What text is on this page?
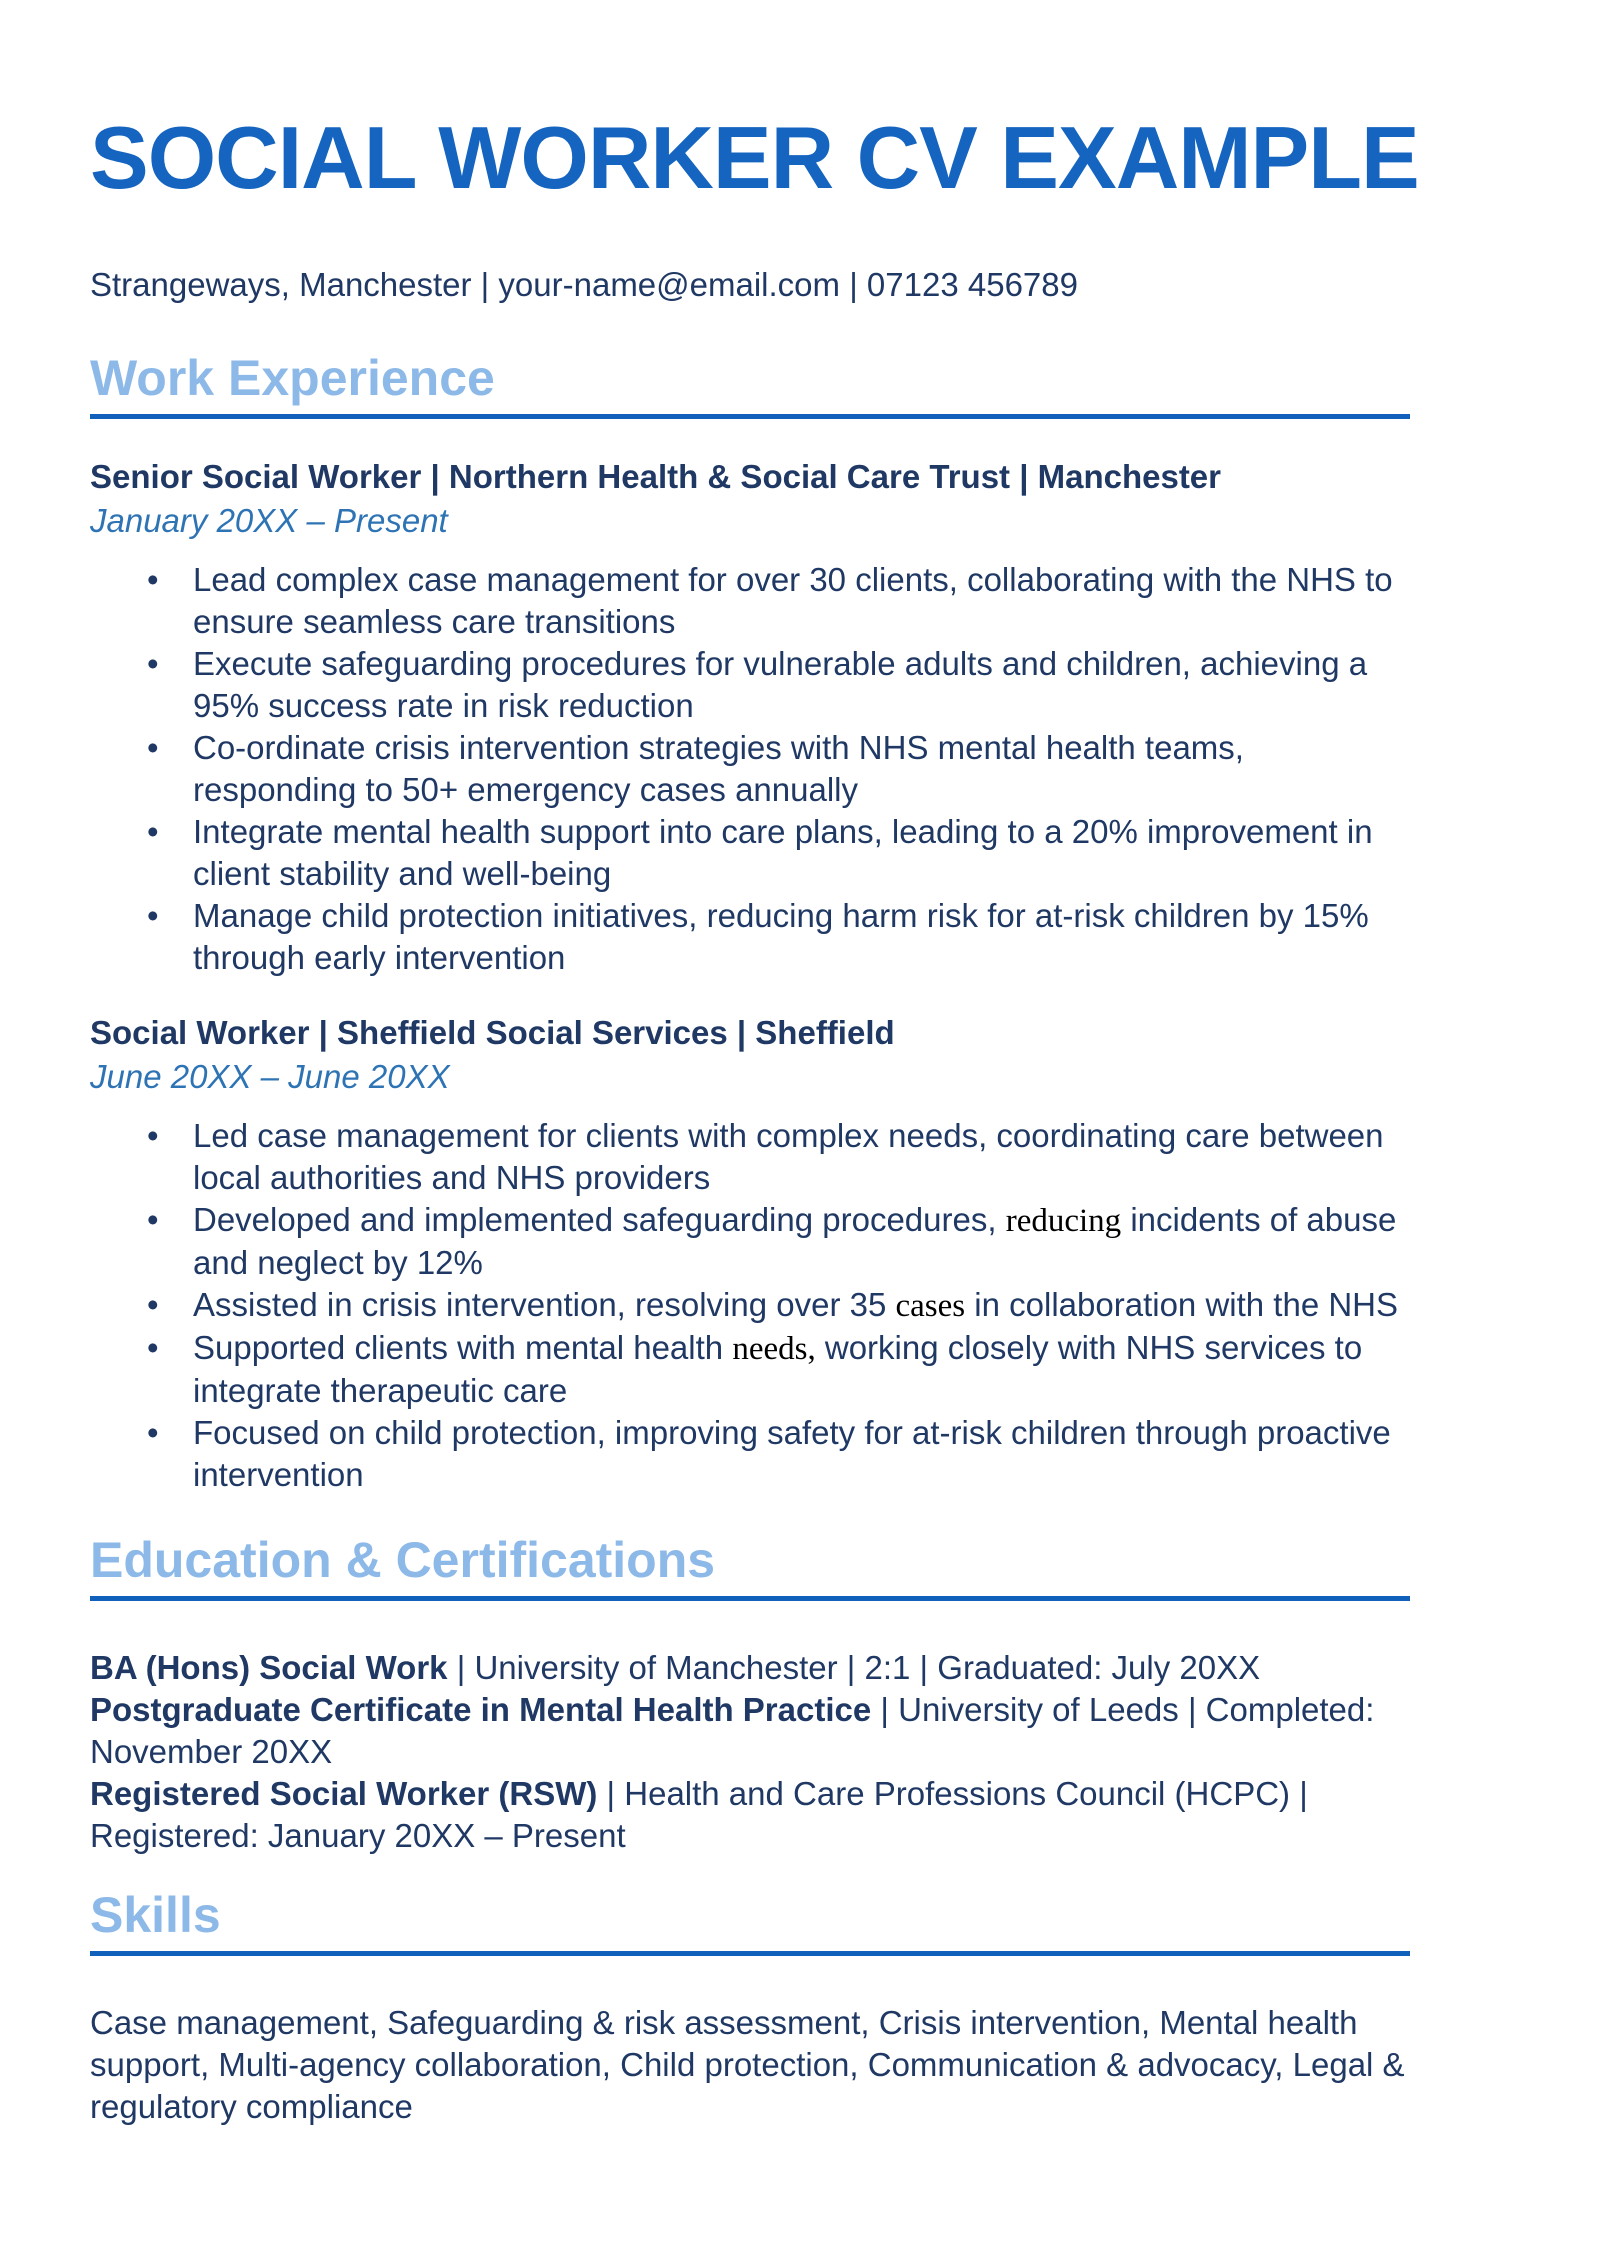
SOCIAL WORKER CV EXAMPLE

Strangeways, Manchester | your-name@email.com | 07123 456789

Work Experience
Senior Social Worker | Northern Health & Social Care Trust | Manchester

January 20XX – Present

• Lead complex case management for over 30 clients, collaborating with the NHS to ensure seamless care transitions
• Execute safeguarding procedures for vulnerable adults and children, achieving a 95% success rate in risk reduction
• Co-ordinate crisis intervention strategies with NHS mental health teams, responding to 50+ emergency cases annually
• Integrate mental health support into care plans, leading to a 20% improvement in client stability and well-being
• Manage child protection initiatives, reducing harm risk for at-risk children by 15% through early intervention
Social Worker | Sheffield Social Services | Sheffield

June 20XX – June 20XX

• Led case management for clients with complex needs, coordinating care between local authorities and NHS providers
• Developed and implemented safeguarding procedures, reducing incidents of abuse and neglect by 12%
• Assisted in crisis intervention, resolving over 35 cases in collaboration with the NHS
• Supported clients with mental health needs, working closely with NHS services to integrate therapeutic care
• Focused on child protection, improving safety for at-risk children through proactive intervention
Education & Certifications

BA (Hons) Social Work | University of Manchester | 2:1 | Graduated: July 20XX

Postgraduate Certificate in Mental Health Practice | University of Leeds | Completed: November 20XX

Registered Social Worker (RSW) | Health and Care Professions Council (HCPC) | Registered: January 20XX – Present

Skills

Case management, Safeguarding & risk assessment, Crisis intervention, Mental health support, Multi-agency collaboration, Child protection, Communication & advocacy, Legal & regulatory compliance
